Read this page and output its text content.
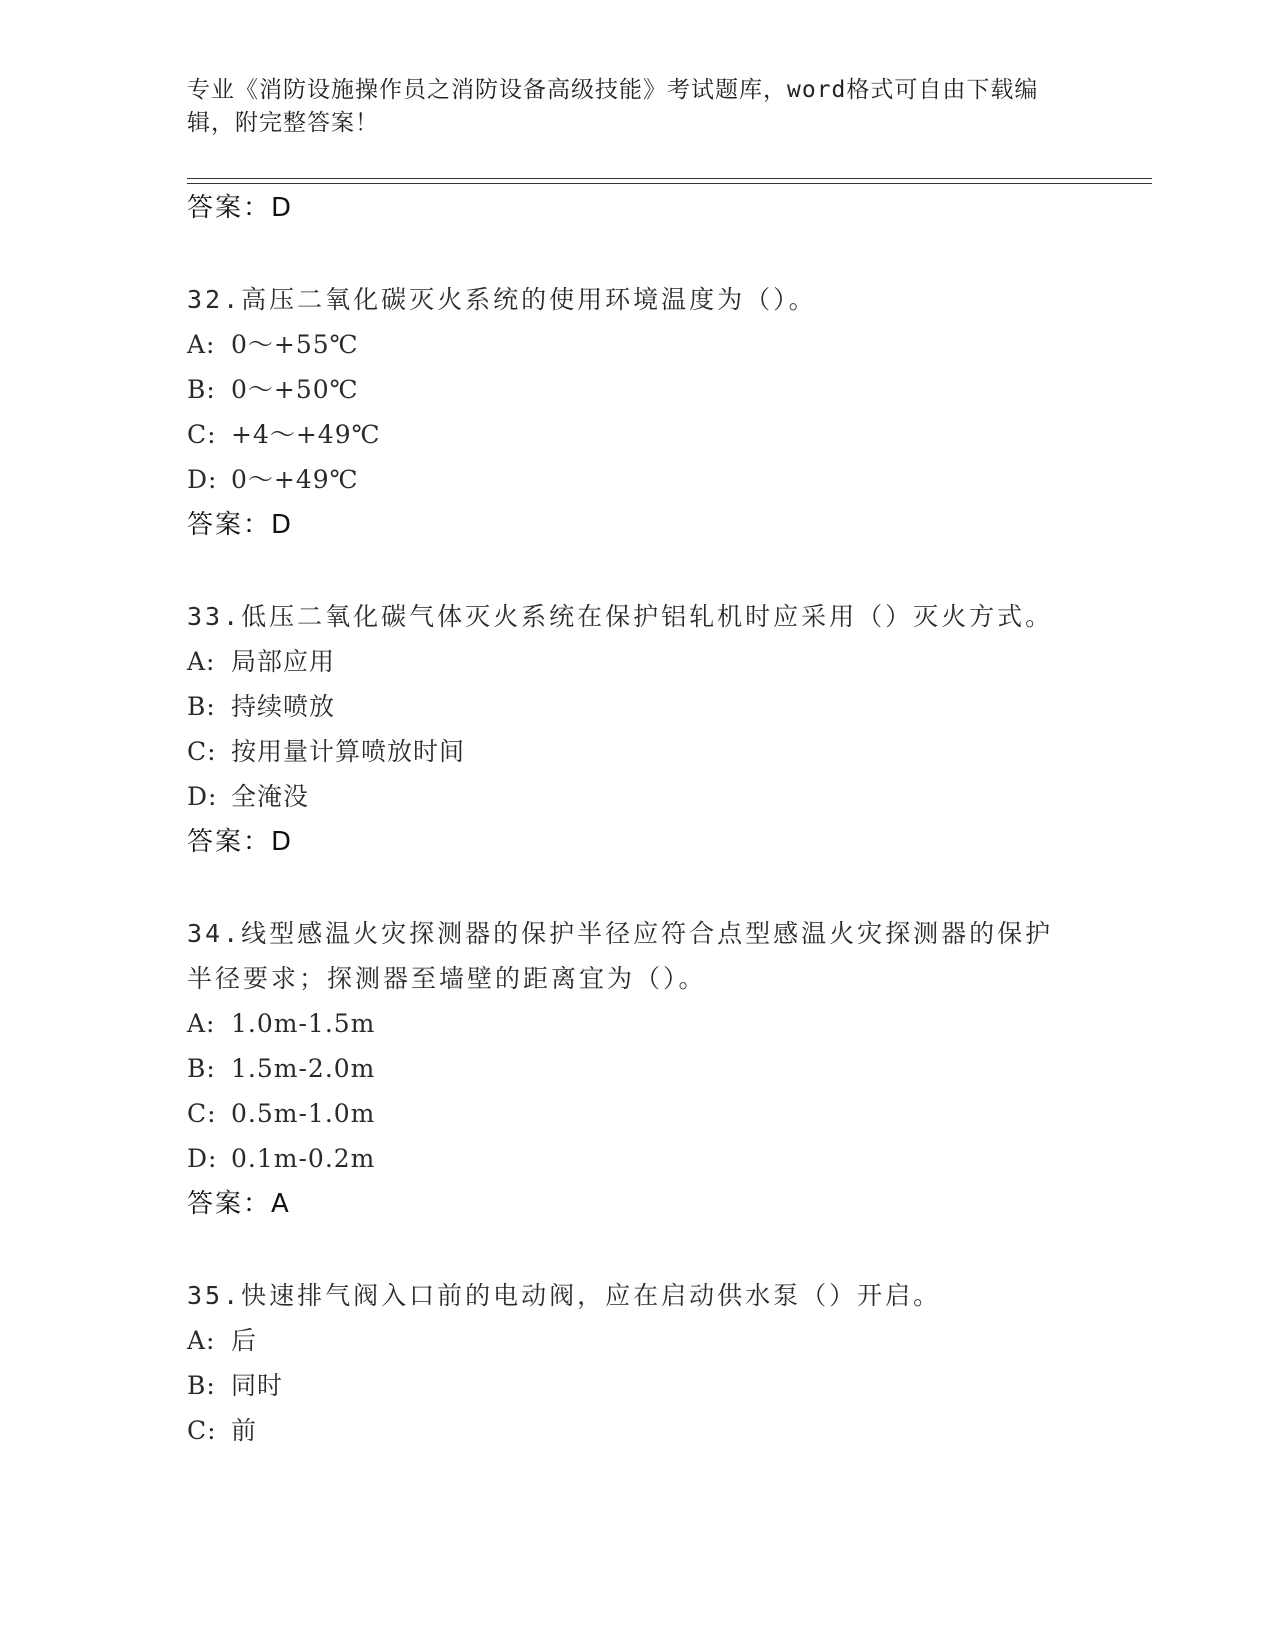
专业《消防设施操作员之消防设备高级技能》考试题库，word格式可自由下载编
辑，附完整答案！
答案：D
32.高压二氧化碳灭火系统的使用环境温度为（）。
A: 0～+55℃
B: 0～+50℃
C: +4～+49℃
D: 0～+49℃
答案：D
33.低压二氧化碳气体灭火系统在保护铝轧机时应采用（）灭火方式。
A: 局部应用
B: 持续喷放
C: 按用量计算喷放时间
D: 全淹没
答案：D
34.线型感温火灾探测器的保护半径应符合点型感温火灾探测器的保护
半径要求；探测器至墙壁的距离宜为（）。
A: 1.0m-1.5m
B: 1.5m-2.0m
C: 0.5m-1.0m
D: 0.1m-0.2m
答案：A
35.快速排气阀入口前的电动阀，应在启动供水泵（）开启。
A: 后
B: 同时
C: 前
